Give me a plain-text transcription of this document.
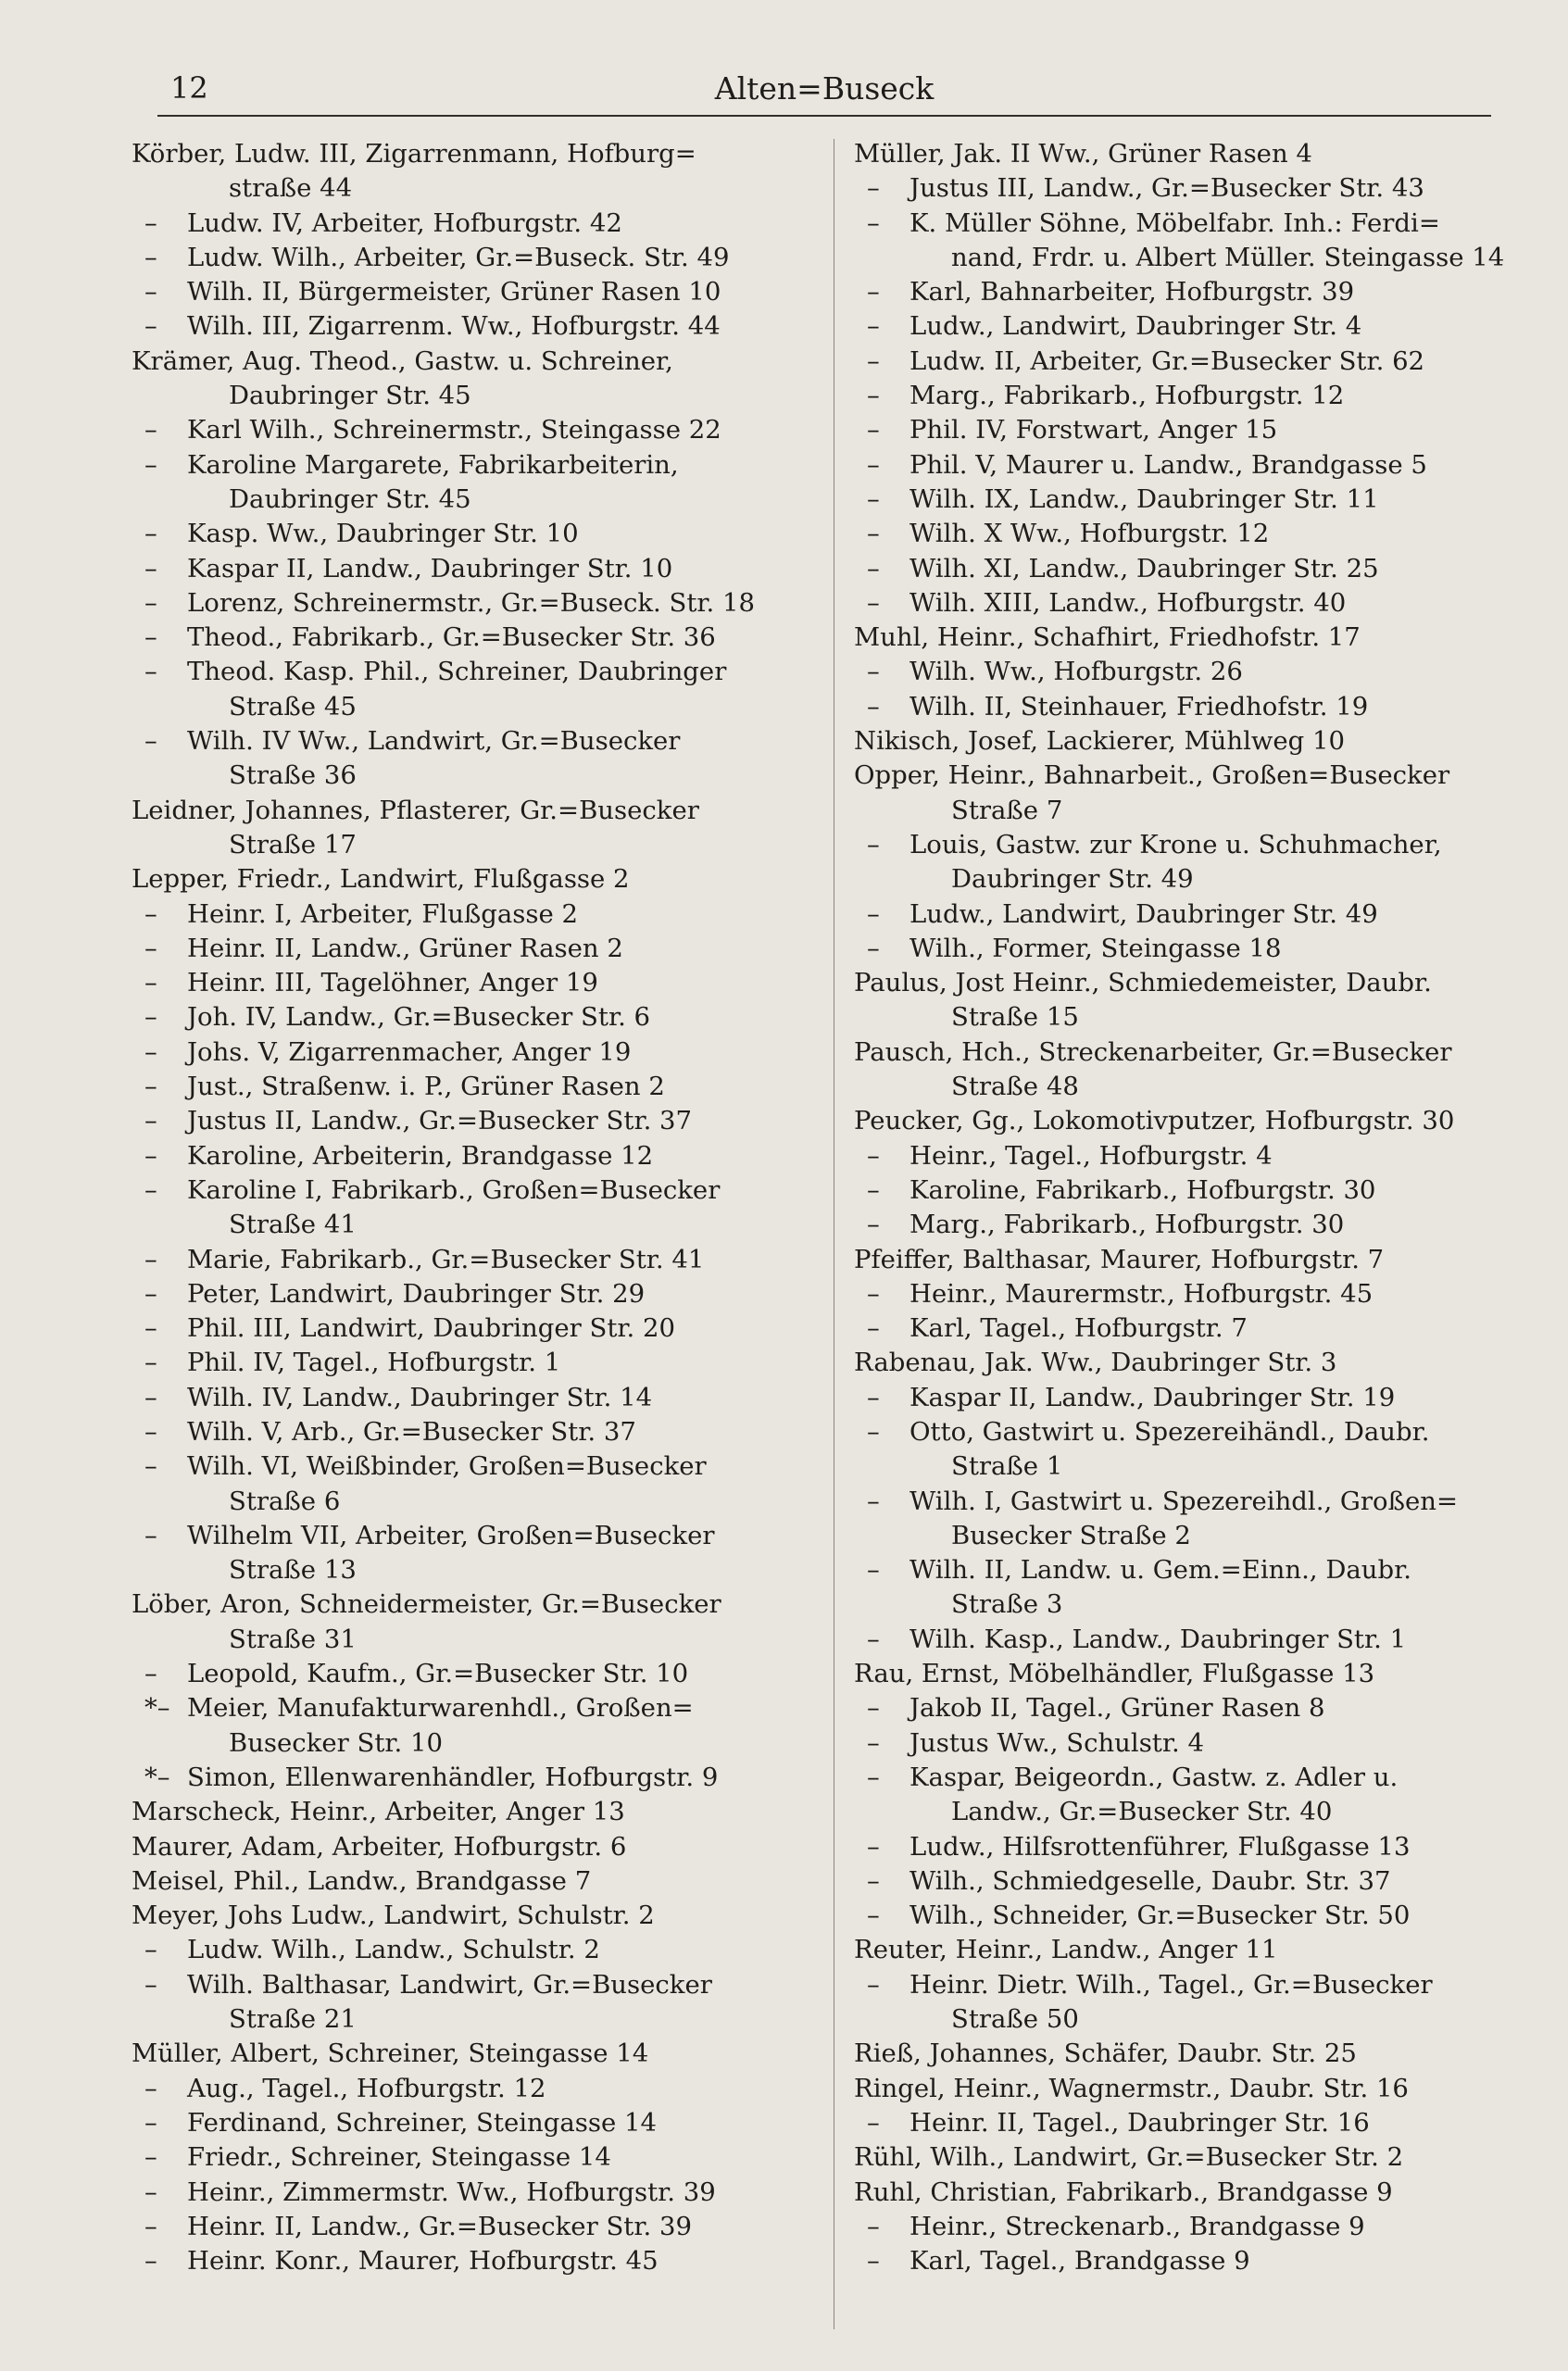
12	Alten=Buseck
Körber, Ludw. III, Zigarrenmann, Hofburg=
straße 44
–	Ludw. IV, Arbeiter, Hofburgstr. 42
–	Ludw. Wilh., Arbeiter, Gr.=Buseck. Str. 49
–	Wilh. II, Bürgermeister, Grüner Rasen 10
–	Wilh. III, Zigarrenm. Ww., Hofburgstr. 44
Krämer, Aug. Theod., Gastw. u. Schreiner,
Daubringer Str. 45
–	Karl Wilh., Schreinermstr., Steingasse 22
–	Karoline Margarete, Fabrikarbeiterin,
Daubringer Str. 45
–	Kasp. Ww., Daubringer Str. 10
–	Kaspar II, Landw., Daubringer Str. 10
–	Lorenz, Schreinermstr., Gr.=Buseck. Str. 18
–	Theod., Fabrikarb., Gr.=Busecker Str. 36
–	Theod. Kasp. Phil., Schreiner, Daubringer
Straße 45
–	Wilh. IV Ww., Landwirt, Gr.=Busecker
Straße 36
Leidner, Johannes, Pflasterer, Gr.=Busecker
Straße 17
Lepper, Friedr., Landwirt, Flußgasse 2
–	Heinr. I, Arbeiter, Flußgasse 2
–	Heinr. II, Landw., Grüner Rasen 2
–	Heinr. III, Tagelöhner, Anger 19
–	Joh. IV, Landw., Gr.=Busecker Str. 6
–	Johs. V, Zigarrenmacher, Anger 19
–	Just., Straßenw. i. P., Grüner Rasen 2
–	Justus II, Landw., Gr.=Busecker Str. 37
–	Karoline, Arbeiterin, Brandgasse 12
–	Karoline I, Fabrikarb., Großen=Busecker
Straße 41
–	Marie, Fabrikarb., Gr.=Busecker Str. 41
–	Peter, Landwirt, Daubringer Str. 29
–	Phil. III, Landwirt, Daubringer Str. 20
–	Phil. IV, Tagel., Hofburgstr. 1
–	Wilh. IV, Landw., Daubringer Str. 14
–	Wilh. V, Arb., Gr.=Busecker Str. 37
–	Wilh. VI, Weißbinder, Großen=Busecker
Straße 6
–	Wilhelm VII, Arbeiter, Großen=Busecker
Straße 13
Löber, Aron, Schneidermeister, Gr.=Busecker
Straße 31
–	Leopold, Kaufm., Gr.=Busecker Str. 10
*– Meier, Manufakturwarenhdl., Großen=
Busecker Str. 10
*– Simon, Ellenwarenhändler, Hofburgstr. 9
Marscheck, Heinr., Arbeiter, Anger 13
Maurer, Adam, Arbeiter, Hofburgstr. 6
Meisel, Phil., Landw., Brandgasse 7
Meyer, Johs Ludw., Landwirt, Schulstr. 2
–	Ludw. Wilh., Landw., Schulstr. 2
–	Wilh. Balthasar, Landwirt, Gr.=Busecker
Straße 21
Müller, Albert, Schreiner, Steingasse 14
–	Aug., Tagel., Hofburgstr. 12
–	Ferdinand, Schreiner, Steingasse 14
–	Friedr., Schreiner, Steingasse 14
–	Heinr., Zimmermstr. Ww., Hofburgstr. 39
–	Heinr. II, Landw., Gr.=Busecker Str. 39
–	Heinr. Konr., Maurer, Hofburgstr. 45
Müller, Jak. II Ww., Grüner Rasen 4
–	Justus III, Landw., Gr.=Busecker Str. 43
–	K. Müller Söhne, Möbelfabr. Inh.: Ferdi=
nand, Frdr. u. Albert Müller. Steingasse 14
–	Karl, Bahnarbeiter, Hofburgstr. 39
–	Ludw., Landwirt, Daubringer Str. 4
–	Ludw. II, Arbeiter, Gr.=Busecker Str. 62
–	Marg., Fabrikarb., Hofburgstr. 12
–	Phil. IV, Forstwart, Anger 15
–	Phil. V, Maurer u. Landw., Brandgasse 5
–	Wilh. IX, Landw., Daubringer Str. 11
–	Wilh. X Ww., Hofburgstr. 12
–	Wilh. XI, Landw., Daubringer Str. 25
–	Wilh. XIII, Landw., Hofburgstr. 40
Muhl, Heinr., Schafhirt, Friedhofstr. 17
–	Wilh. Ww., Hofburgstr. 26
–	Wilh. II, Steinhauer, Friedhofstr. 19
Nikisch, Josef, Lackierer, Mühlweg 10
Opper, Heinr., Bahnarbeit., Großen=Busecker
Straße 7
–	Louis, Gastw. zur Krone u. Schuhmacher,
Daubringer Str. 49
–	Ludw., Landwirt, Daubringer Str. 49
–	Wilh., Former, Steingasse 18
Paulus, Jost Heinr., Schmiedemeister, Daubr.
Straße 15
Pausch, Hch., Streckenarbeiter, Gr.=Busecker
Straße 48
Peucker, Gg., Lokomotivputzer, Hofburgstr. 30
–	Heinr., Tagel., Hofburgstr. 4
–	Karoline, Fabrikarb., Hofburgstr. 30
–	Marg., Fabrikarb., Hofburgstr. 30
Pfeiffer, Balthasar, Maurer, Hofburgstr. 7
–	Heinr., Maurermstr., Hofburgstr. 45
–	Karl, Tagel., Hofburgstr. 7
Rabenau, Jak. Ww., Daubringer Str. 3
–	Kaspar II, Landw., Daubringer Str. 19
–	Otto, Gastwirt u. Spezereihändl., Daubr.
Straße 1
–	Wilh. I, Gastwirt u. Spezereihdl., Großen=
Busecker Straße 2
–	Wilh. II, Landw. u. Gem.=Einn., Daubr.
Straße 3
–	Wilh. Kasp., Landw., Daubringer Str. 1
Rau, Ernst, Möbelhändler, Flußgasse 13
–	Jakob II, Tagel., Grüner Rasen 8
–	Justus Ww., Schulstr. 4
–	Kaspar, Beigeordn., Gastw. z. Adler u.
Landw., Gr.=Busecker Str. 40
–	Ludw., Hilfsrottenführer, Flußgasse 13
–	Wilh., Schmiedgeselle, Daubr. Str. 37
–	Wilh., Schneider, Gr.=Busecker Str. 50
Reuter, Heinr., Landw., Anger 11
–	Heinr. Dietr. Wilh., Tagel., Gr.=Busecker
Straße 50
Rieß, Johannes, Schäfer, Daubr. Str. 25
Ringel, Heinr., Wagnermstr., Daubr. Str. 16
–	Heinr. II, Tagel., Daubringer Str. 16
Rühl, Wilh., Landwirt, Gr.=Busecker Str. 2
Ruhl, Christian, Fabrikarb., Brandgasse 9
–	Heinr., Streckenarb., Brandgasse 9
–	Karl, Tagel., Brandgasse 9
